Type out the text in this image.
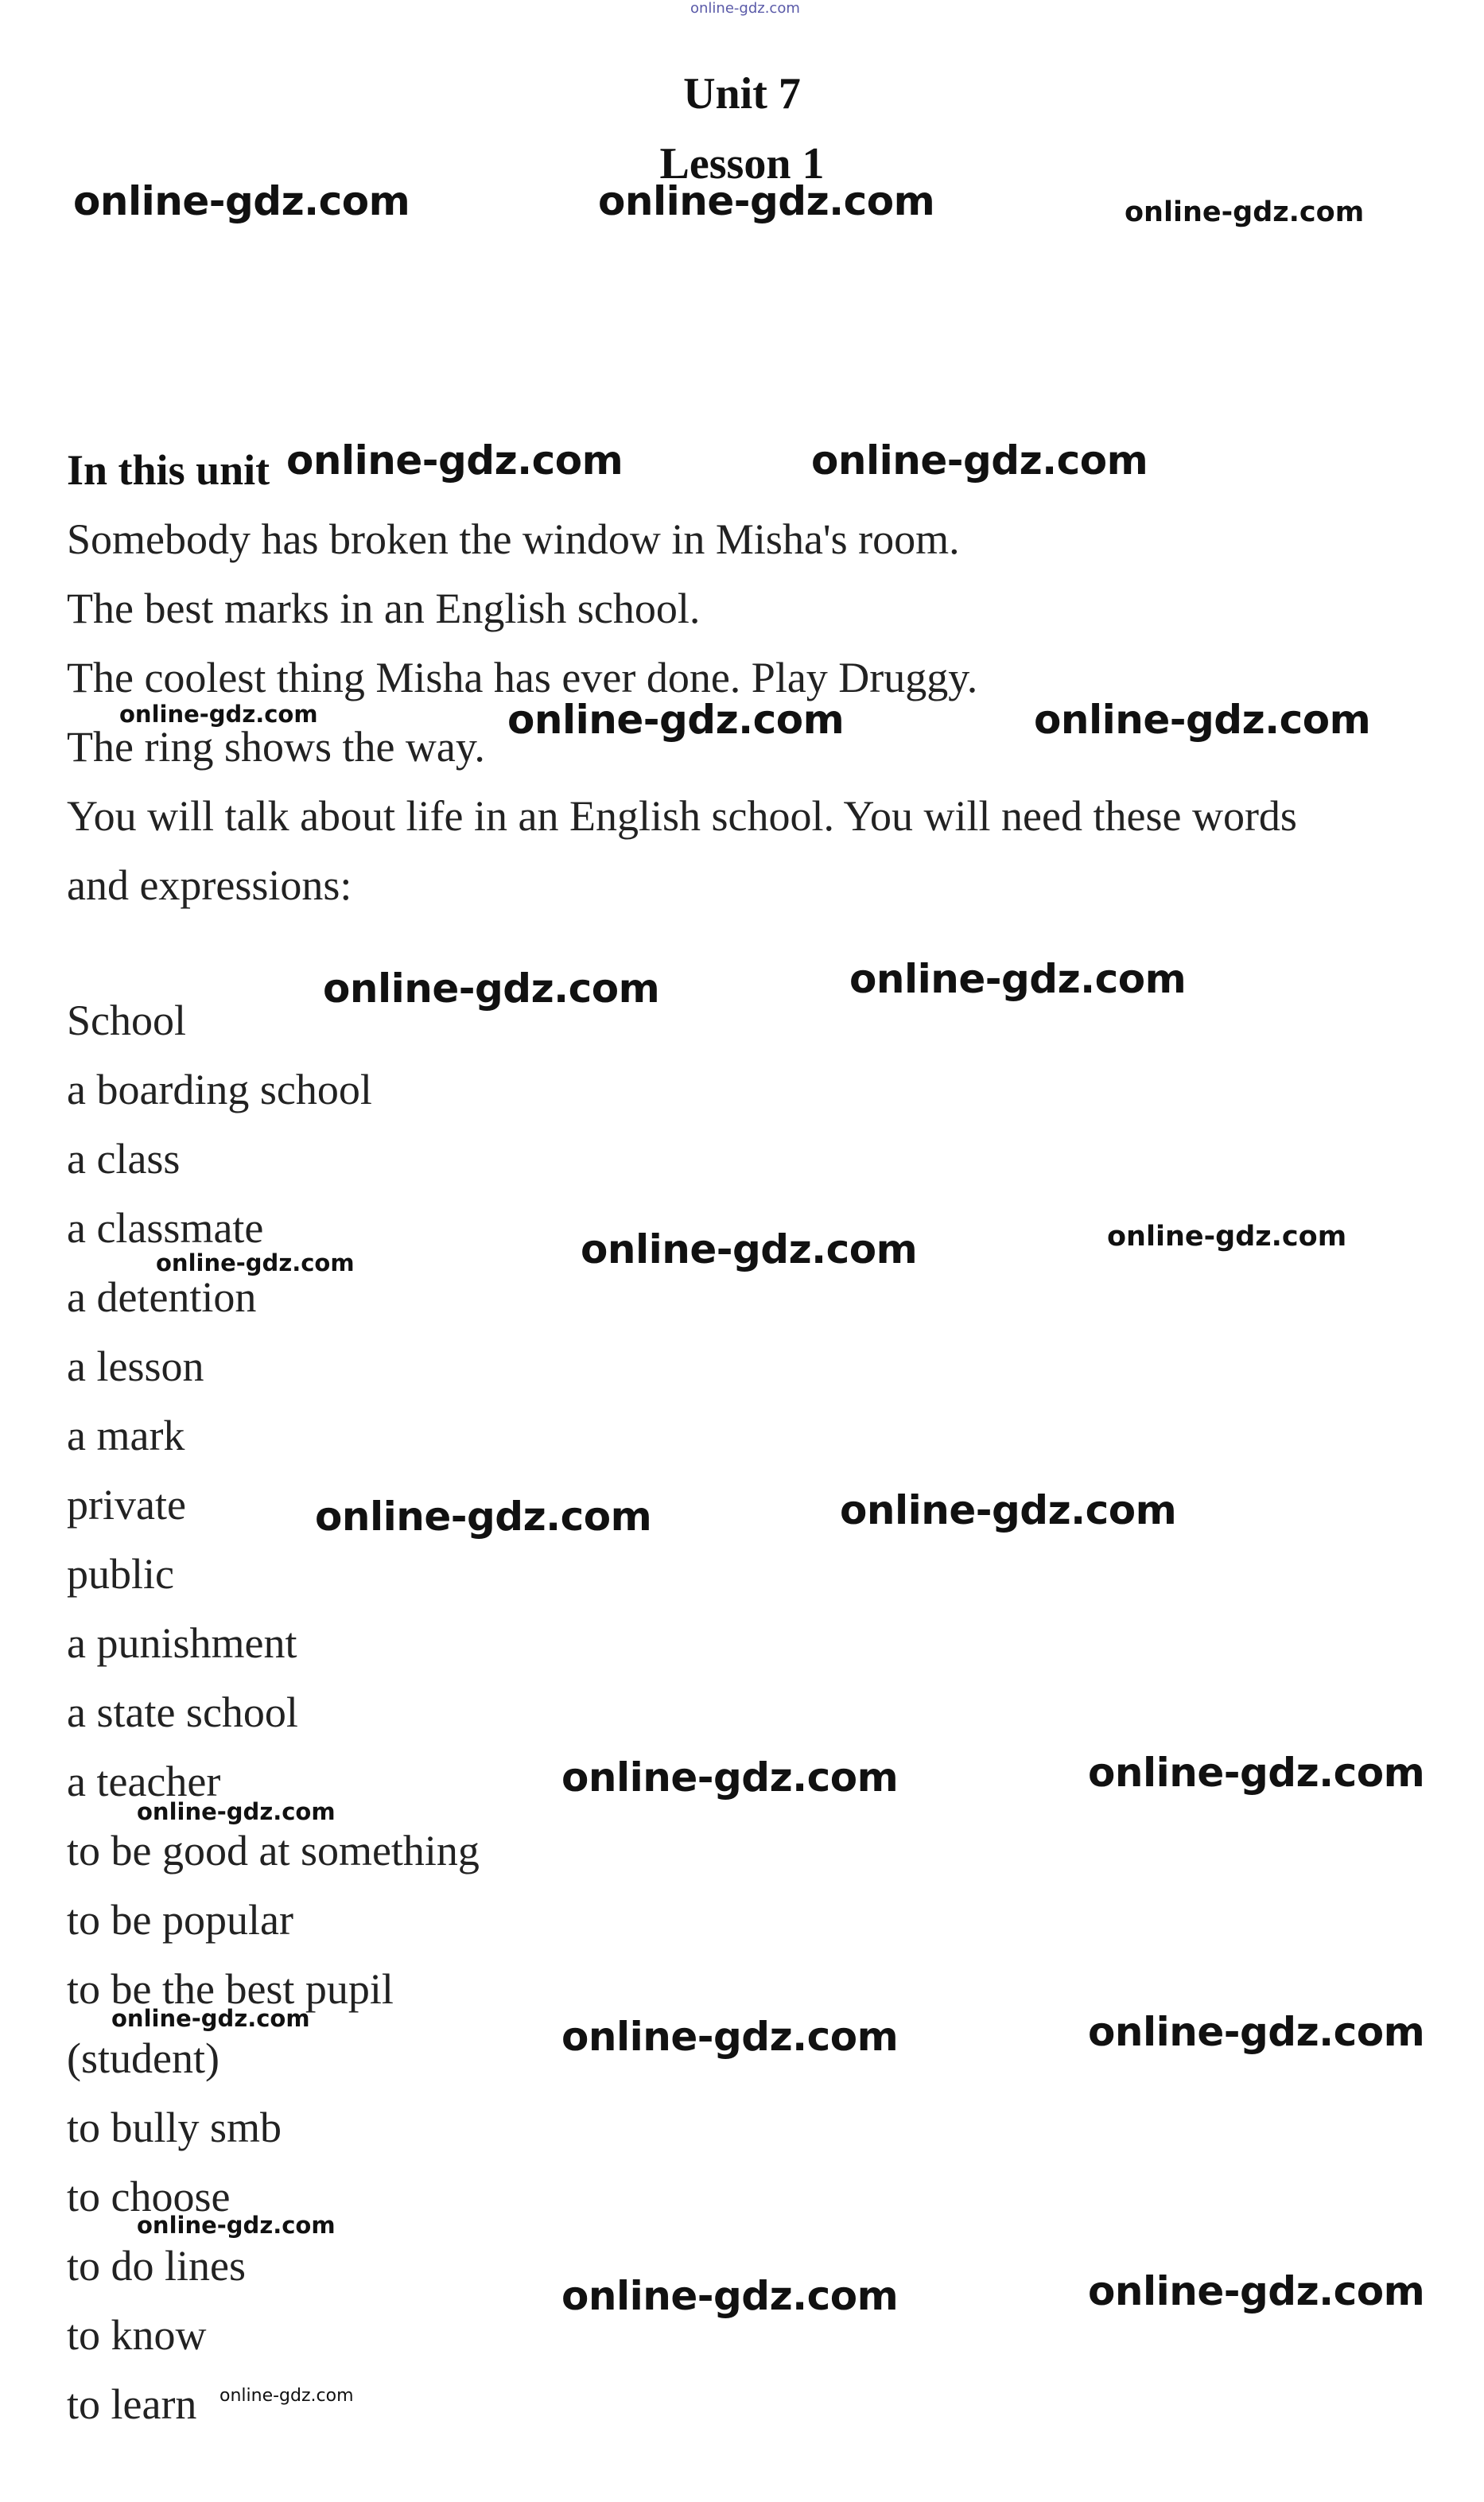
Unit 7
Lesson 1
In this unit
Somebody has broken the window in Misha's room.
The best marks in an English school.
The coolest thing Misha has ever done. Play Druggy.
The ring shows the way.
You will talk about life in an English school. You will need these words
and expressions:
School
a boarding school
a class
a classmate
a detention
a lesson
a mark
private
public
a punishment
a state school
a teacher
to be good at something
to be popular
to be the best pupil
(student)
to bully smb
to choose
to do lines
to know
to learn
online-gdz.com
online-gdz.com	online-gdz.com	online-gdz.com
online-gdz.com	online-gdz.com
online-gdz.com	online-gdz.com	online-gdz.com
online-gdz.com	online-gdz.com
online-gdz.com	online-gdz.com	online-gdz.com
online-gdz.com	online-gdz.com
online-gdz.com
online-gdz.com	online-gdz.com
online-gdz.com	online-gdz.com	online-gdz.com
online-gdz.com
online-gdz.com	online-gdz.com
online-gdz.com
